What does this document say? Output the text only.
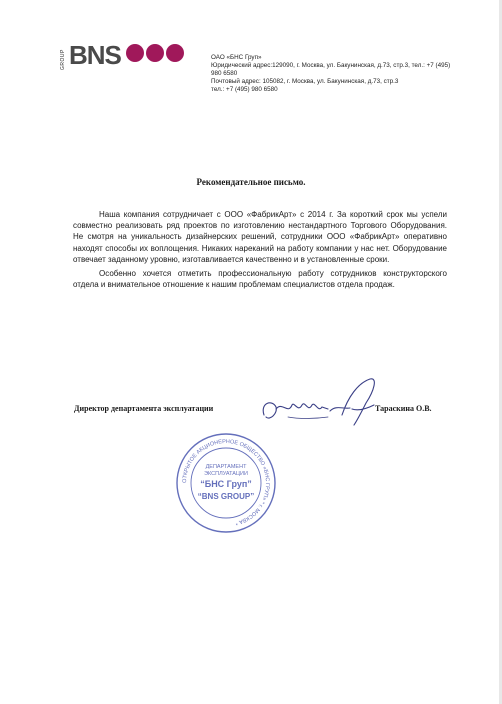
GROUP BNS	ОАО «БНС Груп»
Юридический адрес:129090, г. Москва, ул. Бакунинская, д.73, стр.3, тел.: +7 (495)
980 6580
Почтовый адрес: 105082, г. Москва, ул. Бакунинская, д.73, стр.3
тел.: +7 (495) 980 6580
Рекомендательное письмо.

Наша компания сотрудничает с ООО «ФабрикАрт» с 2014 г. За короткий срок мы успели совместно реализовать ряд проектов по изготовлению нестандартного Торгового Оборудования. Не смотря на уникальность дизайнерских решений, сотрудники ООО «ФабрикАрт» оперативно находят способы их воплощения. Никаких нареканий на работу компании у нас нет. Оборудование отвечает заданному уровню, изготавливается качественно и в установленные сроки.

Особенно хочется отметить профессиональную работу сотрудников конструкторского отдела и внимательное отношение к нашим проблемам специалистов отдела продаж.

Директор департамента эксплуатации	Тараскина О.В.
ОТКРЫТОЕ АКЦИОНЕРНОЕ ОБЩЕСТВО «БНС ГРУП» * г. МОСКВА *
ДЕПАРТАМЕНТ
ЭКСПЛУАТАЦИИ
“БНС Груп”
“BNS GROUP”
